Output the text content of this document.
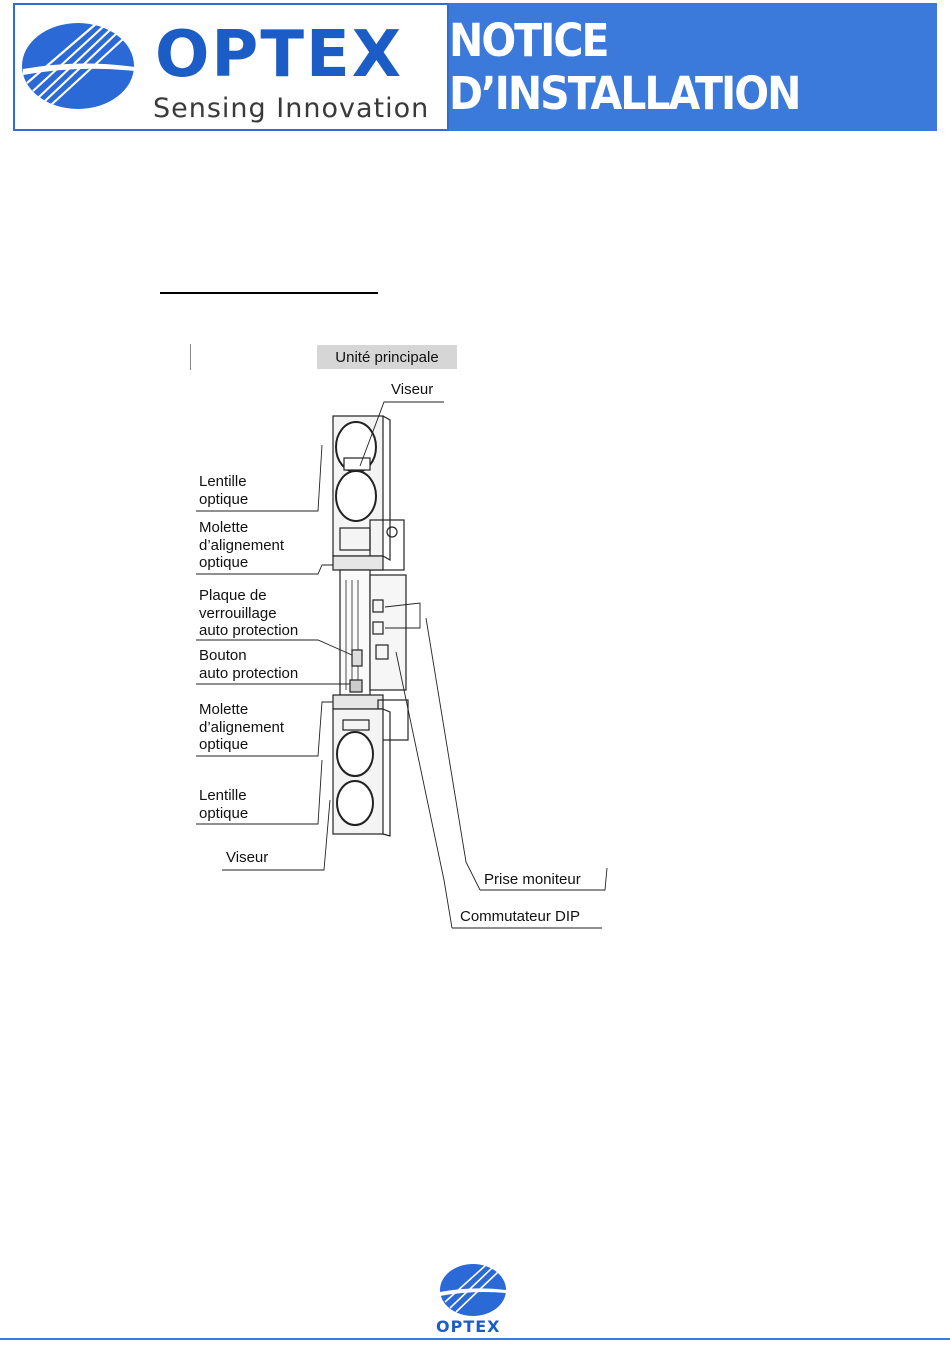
OPTEX
Sensing Innovation
NOTICE D’INSTALLATION
Unité principale
Viseur
Lentille
optique
Molette
d’alignement
optique
Plaque de
verrouillage
auto protection
Bouton
auto protection
Molette
d’alignement
optique
Lentille
optique
Viseur
Prise moniteur
Commutateur DIP
OPTEX
